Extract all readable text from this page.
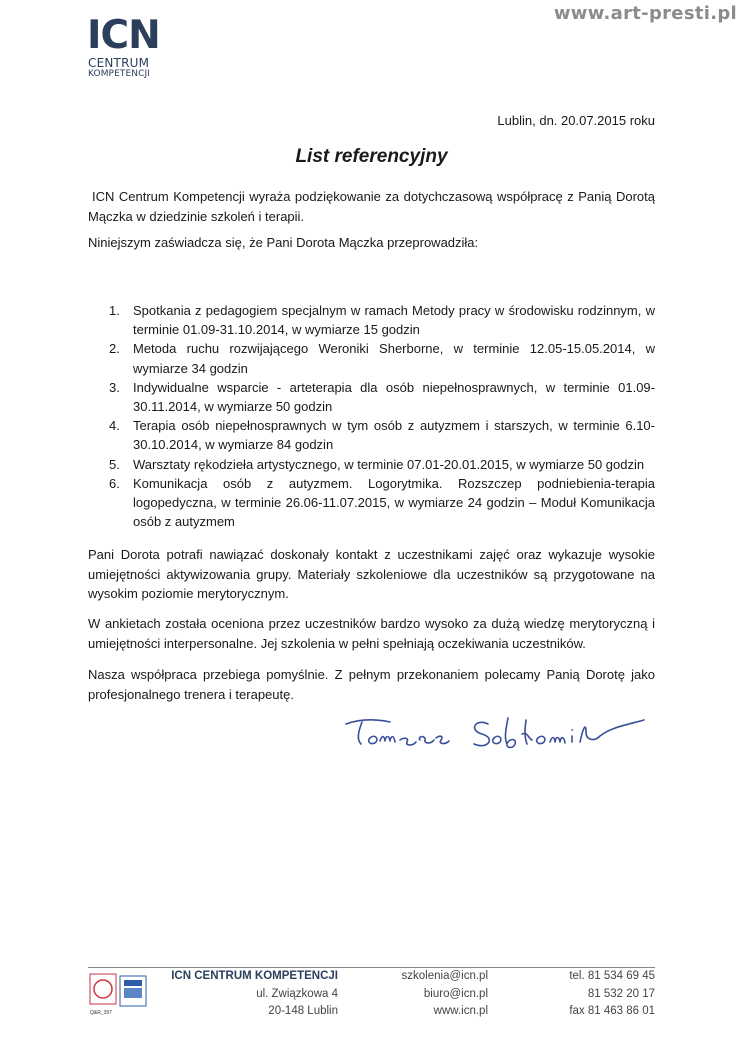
www.art-presti.pl
ICN
CENTRUM
KOMPETENCJI
Lublin, dn. 20.07.2015 roku
List referencyjny
ICN Centrum Kompetencji wyraża podziękowanie za dotychczasową współpracę z Panią Dorotą Mączka w dziedzinie szkoleń i terapii.
Niniejszym zaświadcza się, że Pani Dorota Mączka przeprowadziła:
1. Spotkania z pedagogiem specjalnym w ramach Metody pracy w środowisku rodzinnym, w terminie 01.09-31.10.2014, w wymiarze 15 godzin
2. Metoda ruchu rozwijającego Weroniki Sherborne, w terminie 12.05-15.05.2014, w wymiarze 34 godzin
3. Indywidualne wsparcie - arteterapia dla osób niepełnosprawnych, w terminie 01.09-30.11.2014, w wymiarze 50 godzin
4. Terapia osób niepełnosprawnych w tym osób z autyzmem i starszych, w terminie 6.10-30.10.2014, w wymiarze 84 godzin
5. Warsztaty rękodzieła artystycznego, w terminie 07.01-20.01.2015, w wymiarze 50 godzin
6. Komunikacja osób z autyzmem. Logorytmika. Rozszczep podniebienia-terapia logopedyczna, w terminie 26.06-11.07.2015, w wymiarze 24 godzin – Moduł Komunikacja osób z autyzmem
Pani Dorota potrafi nawiązać doskonały kontakt z uczestnikami zajęć oraz wykazuje wysokie umiejętności aktywizowania grupy. Materiały szkoleniowe dla uczestników są przygotowane na wysokim poziomie merytorycznym.
W ankietach została oceniona przez uczestników bardzo wysoko za dużą wiedzę merytoryczną i umiejętności interpersonalne. Jej szkolenia w pełni spełniają oczekiwania uczestników.
Nasza współpraca przebiega pomyślnie. Z pełnym przekonaniem polecamy Panią Dorotę jako profesjonalnego trenera i terapeutę.
Q&R_397
ICN CENTRUM KOMPETENCJI
ul. Związkowa 4
20-148 Lublin
szkolenia@icn.pl
biuro@icn.pl
www.icn.pl
tel. 81 534 69 45
81 532 20 17
fax 81 463 86 01
